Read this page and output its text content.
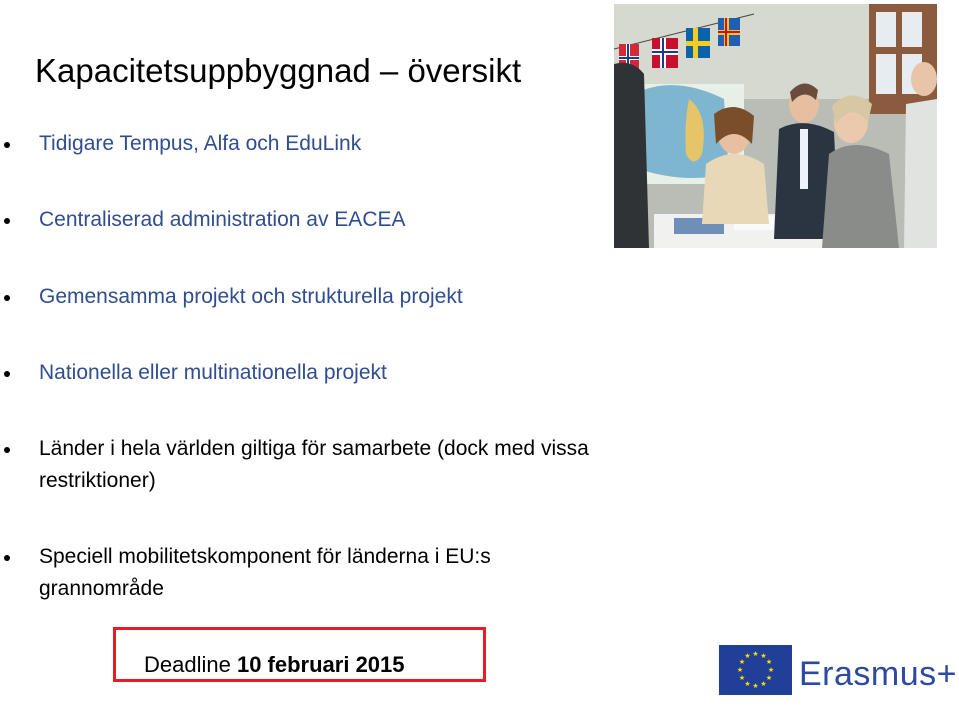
Kapacitetsuppbyggnad – översikt
Tidigare Tempus, Alfa och EduLink
Centraliserad administration av EACEA
Gemensamma projekt och strukturella projekt
Nationella eller multinationella projekt
Länder i hela världen giltiga för samarbete (dock med vissa
restriktioner)
Speciell mobilitetskomponent för länderna i EU:s
grannområde
Deadline 10 februari 2015	★ ★
★
★
★
★
★
★
★
★
★
★ Erasmus+
